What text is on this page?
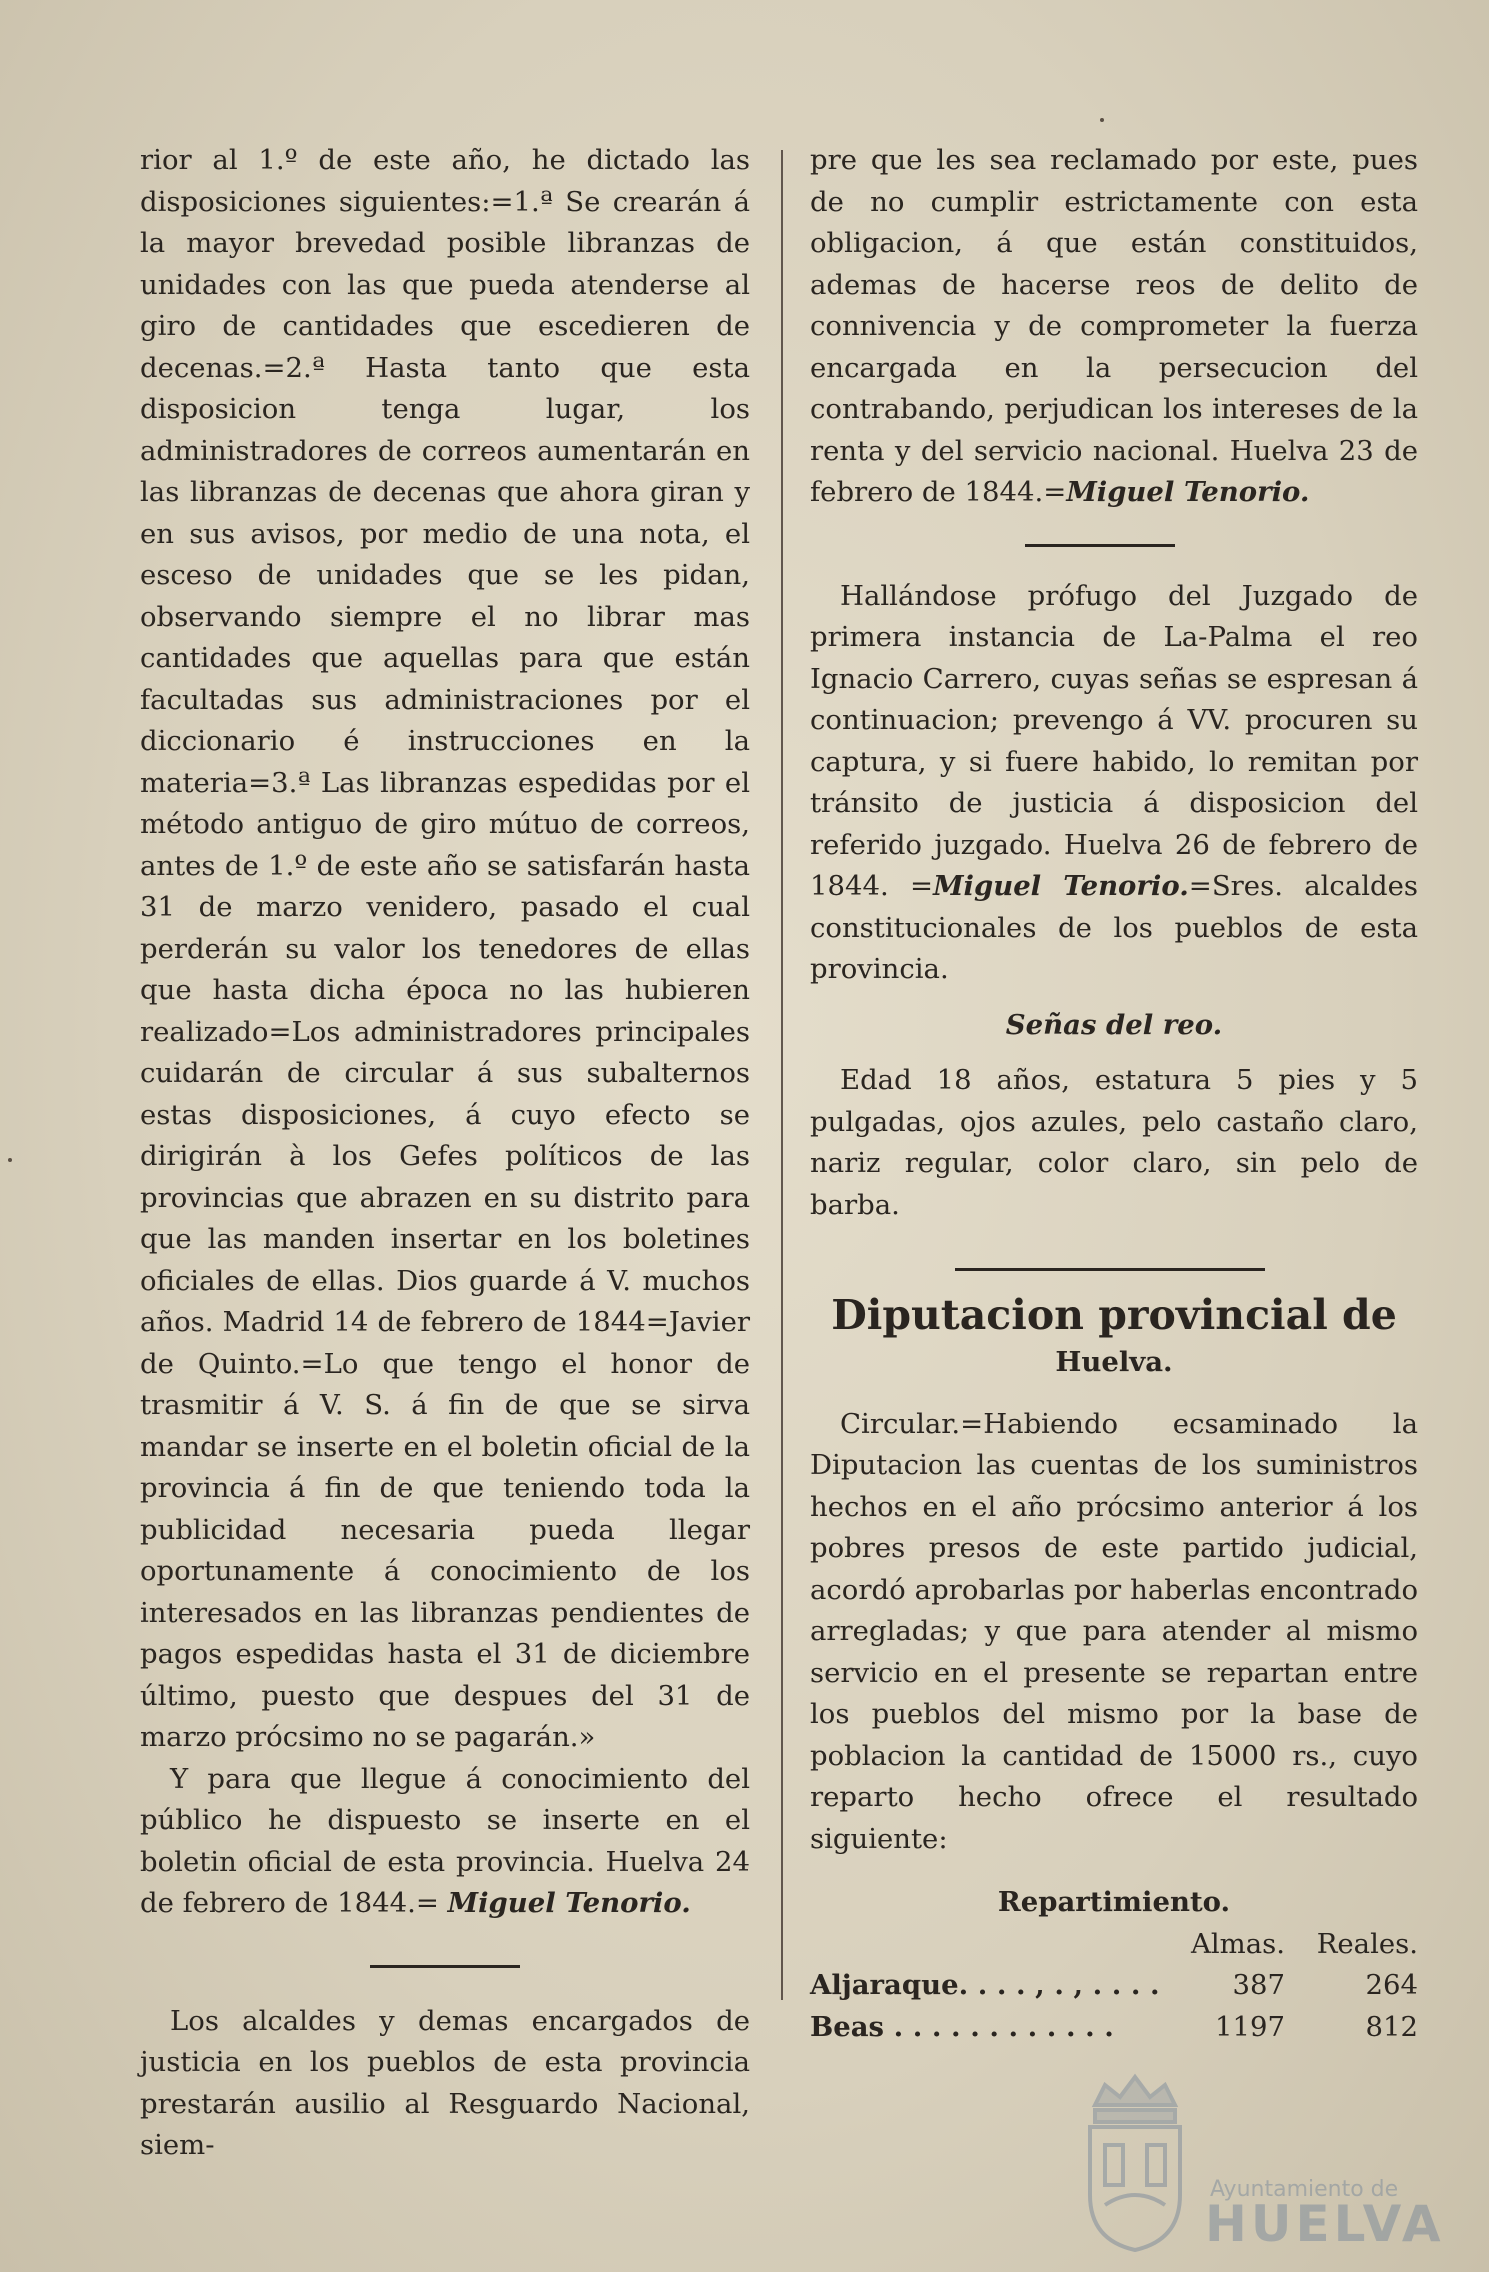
rior al 1.º de este año, he dictado las disposiciones siguientes:=1.ª Se crearán á la mayor brevedad posible libranzas de unidades con las que pueda atenderse al giro de cantidades que escedieren de decenas.=2.ª Hasta tanto que esta disposicion tenga lugar, los administradores de correos aumentarán en las libranzas de decenas que ahora giran y en sus avisos, por medio de una nota, el esceso de unidades que se les pidan, observando siempre el no librar mas cantidades que aquellas para que están facultadas sus administraciones por el diccionario é instrucciones en la materia=3.ª Las libranzas espedidas por el método antiguo de giro mútuo de correos, antes de 1.º de este año se satisfarán hasta 31 de marzo venidero, pasado el cual perderán su valor los tenedores de ellas que hasta dicha época no las hubieren realizado=Los administradores principales cuidarán de circular á sus subalternos estas disposiciones, á cuyo efecto se dirigirán à los Gefes políticos de las provincias que abrazen en su distrito para que las manden insertar en los boletines oficiales de ellas. Dios guarde á V. muchos años. Madrid 14 de febrero de 1844=Javier de Quinto.=Lo que tengo el honor de trasmitir á V. S. á fin de que se sirva mandar se inserte en el boletin oficial de la provincia á fin de que teniendo toda la publicidad necesaria pueda llegar oportunamente á conocimiento de los interesados en las libranzas pendientes de pagos espedidas hasta el 31 de diciembre último, puesto que despues del 31 de marzo prócsimo no se pagarán.»

Y para que llegue á conocimiento del público he dispuesto se inserte en el boletin oficial de esta provincia. Huelva 24 de febrero de 1844.= Miguel Tenorio.

Los alcaldes y demas encargados de justicia en los pueblos de esta provincia prestarán ausilio al Resguardo Nacional, siem-

pre que les sea reclamado por este, pues de no cumplir estrictamente con esta obligacion, á que están constituidos, ademas de hacerse reos de delito de connivencia y de comprometer la fuerza encargada en la persecucion del contrabando, perjudican los intereses de la renta y del servicio nacional. Huelva 23 de febrero de 1844.=Miguel Tenorio.

Hallándose prófugo del Juzgado de primera instancia de La-Palma el reo Ignacio Carrero, cuyas señas se espresan á continuacion; prevengo á VV. procuren su captura, y si fuere habido, lo remitan por tránsito de justicia á disposicion del referido juzgado. Huelva 26 de febrero de 1844. =Miguel Tenorio.=Sres. alcaldes constitucionales de los pueblos de esta provincia.

Señas del reo.

Edad 18 años, estatura 5 pies y 5 pulgadas, ojos azules, pelo castaño claro, nariz regular, color claro, sin pelo de barba.

Diputacion provincial de

Huelva.

Circular.=Habiendo ecsaminado la Diputacion las cuentas de los suministros hechos en el año prócsimo anterior á los pobres presos de este partido judicial, acordó aprobarlas por haberlas encontrado arregladas; y que para atender al mismo servicio en el presente se repartan entre los pueblos del mismo por la base de poblacion la cantidad de 15000 rs., cuyo reparto hecho ofrece el resultado siguiente:

Repartimiento.

	Almas.	Reales.
Aljaraque. . . . , . , . . . .	387	264
Beas . . . . . . . . . . . .	1197	812
Ayuntamiento de
HUELVA
